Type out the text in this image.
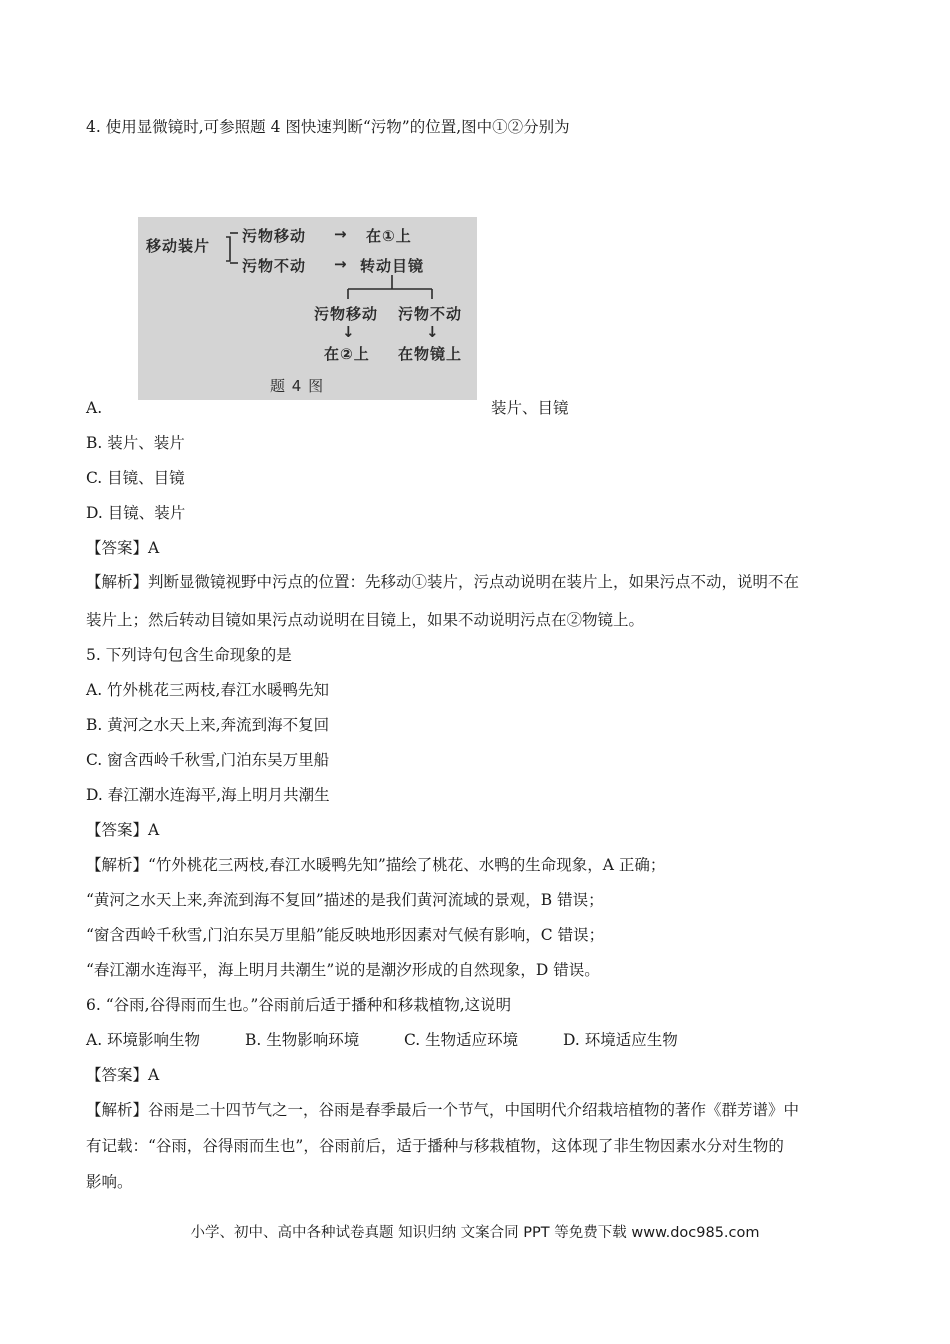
4. 使用显微镜时,可参照题 4 图快速判断“污物”的位置,图中①②分别为
移动装片
污物移动 → 在①上
污物不动 → 转动目镜
污物移动 污物不动
↓	↓
在②上 在物镜上
题 4 图
A.	装片、目镜
B. 装片、装片
C. 目镜、目镜
D. 目镜、装片
【答案】A
【解析】判断显微镜视野中污点的位置：先移动①装片，污点动说明在装片上，如果污点不动，说明不在
装片上；然后转动目镜如果污点动说明在目镜上，如果不动说明污点在②物镜上。
5. 下列诗句包含生命现象的是
A. 竹外桃花三两枝,春江水暖鸭先知
B. 黄河之水天上来,奔流到海不复回
C. 窗含西岭千秋雪,门泊东吴万里船
D. 春江潮水连海平,海上明月共潮生
【答案】A
【解析】“竹外桃花三两枝,春江水暖鸭先知”描绘了桃花、水鸭的生命现象，A 正确；
“黄河之水天上来,奔流到海不复回”描述的是我们黄河流域的景观，B 错误；
“窗含西岭千秋雪,门泊东吴万里船”能反映地形因素对气候有影响，C 错误；
“春江潮水连海平，海上明月共潮生”说的是潮汐形成的自然现象，D 错误。
6. “谷雨,谷得雨而生也。”谷雨前后适于播种和移栽植物,这说明
A. 环境影响生物	B. 生物影响环境	C. 生物适应环境	D. 环境适应生物
【答案】A
【解析】谷雨是二十四节气之一，谷雨是春季最后一个节气，中国明代介绍栽培植物的著作《群芳谱》中
有记载：“谷雨，谷得雨而生也”，谷雨前后，适于播种与移栽植物，这体现了非生物因素水分对生物的
影响。
小学、初中、高中各种试卷真题 知识归纳 文案合同 PPT 等免费下载 www.doc985.com
